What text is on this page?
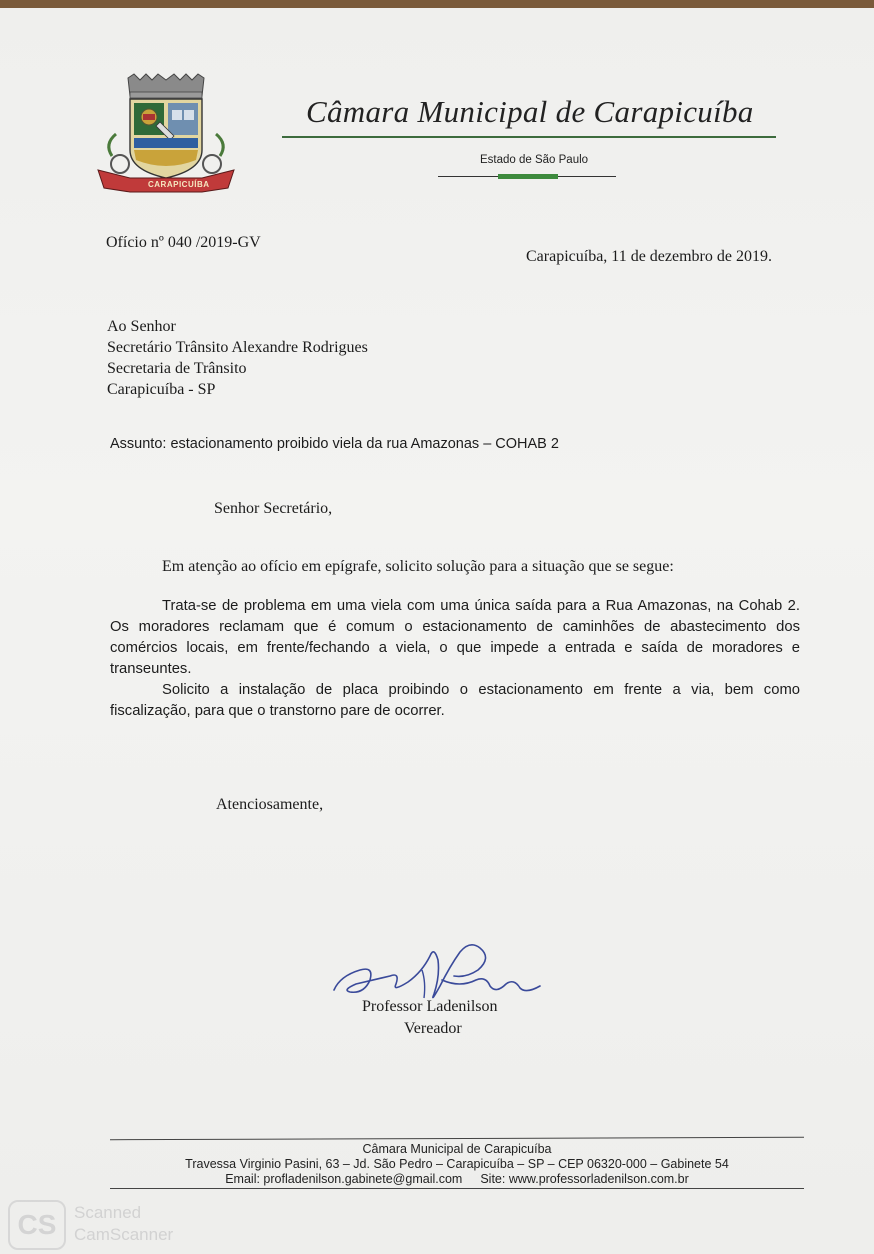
CARAPICUÍBA
Câmara Municipal de Carapicuíba
Estado de São Paulo
Ofício nº 040 /2019-GV
Carapicuíba, 11 de dezembro de 2019.
Ao Senhor
Secretário Trânsito Alexandre Rodrigues
Secretaria de Trânsito
Carapicuíba - SP
Assunto: estacionamento proibido viela da rua Amazonas – COHAB 2
Senhor Secretário,
Em atenção ao ofício em epígrafe, solicito solução para a situação que se segue:

Trata-se de problema em uma viela com uma única saída para a Rua Amazonas, na Cohab 2. Os moradores reclamam que é comum o estacionamento de caminhões de abastecimento dos comércios locais, em frente/fechando a viela, o que impede a entrada e saída de moradores e transeuntes.

Solicito a instalação de placa proibindo o estacionamento em frente a via, bem como fiscalização, para que o transtorno pare de ocorrer.

Atenciosamente,
Professor Ladenilson
Vereador
Câmara Municipal de Carapicuíba
Travessa Virginio Pasini, 63 – Jd. São Pedro – Carapicuíba – SP – CEP 06320-000 – Gabinete 54
Email: profladenilson.gabinete@gmail.com Site: www.professorladenilson.com.br
CS	Scanned
CamScanner
